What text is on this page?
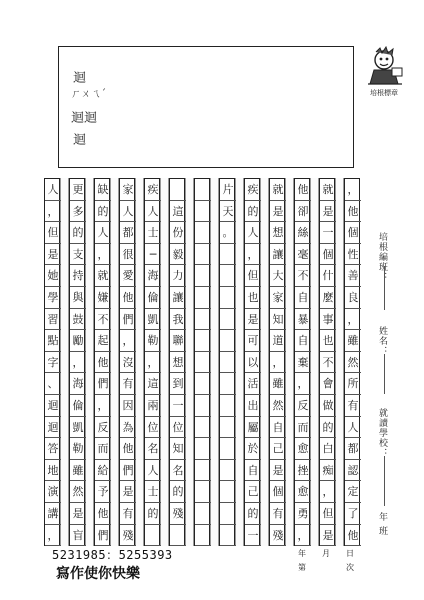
迴
ㄏㄨㄟˊ
迴迴
迴
培根標章
，
他
個
性
善
良
，
雖
然
所
有
人
都
認
定
了
他
就
是
一
個
什
麼
事
也
不
會
做
的
白
痴
，
但
是
他
卻
絲
毫
不
自
暴
自
棄
，
反
而
愈
挫
愈
勇
，
就
是
想
讓
大
家
知
道
，
雖
然
自
己
是
個
有
殘
疾
的
人
，
但
也
是
可
以
活
出
屬
於
自
己
的
一
片
天
。
這
份
毅
力
讓
我
聯
想
到
一
位
知
名
的
殘
疾
人
士
─
海
倫
凱
勒
，
這
兩
位
名
人
士
的
家
人
都
很
愛
他
們
，
沒
有
因
為
他
們
是
有
殘
缺
的
人
，
就
嫌
不
起
他
們
，
反
而
給
予
他
們
更
多
的
支
持
與
鼓
勵
，
海
倫
凱
勒
雖
然
是
盲
人
，
但
是
她
學
習
點
字
、
迴
迴
答
地
演
講
，
培根編班：
姓名：
就讀學校：
年 班
5231985：5255393
寫作使你快樂
年 月 日
第	次
